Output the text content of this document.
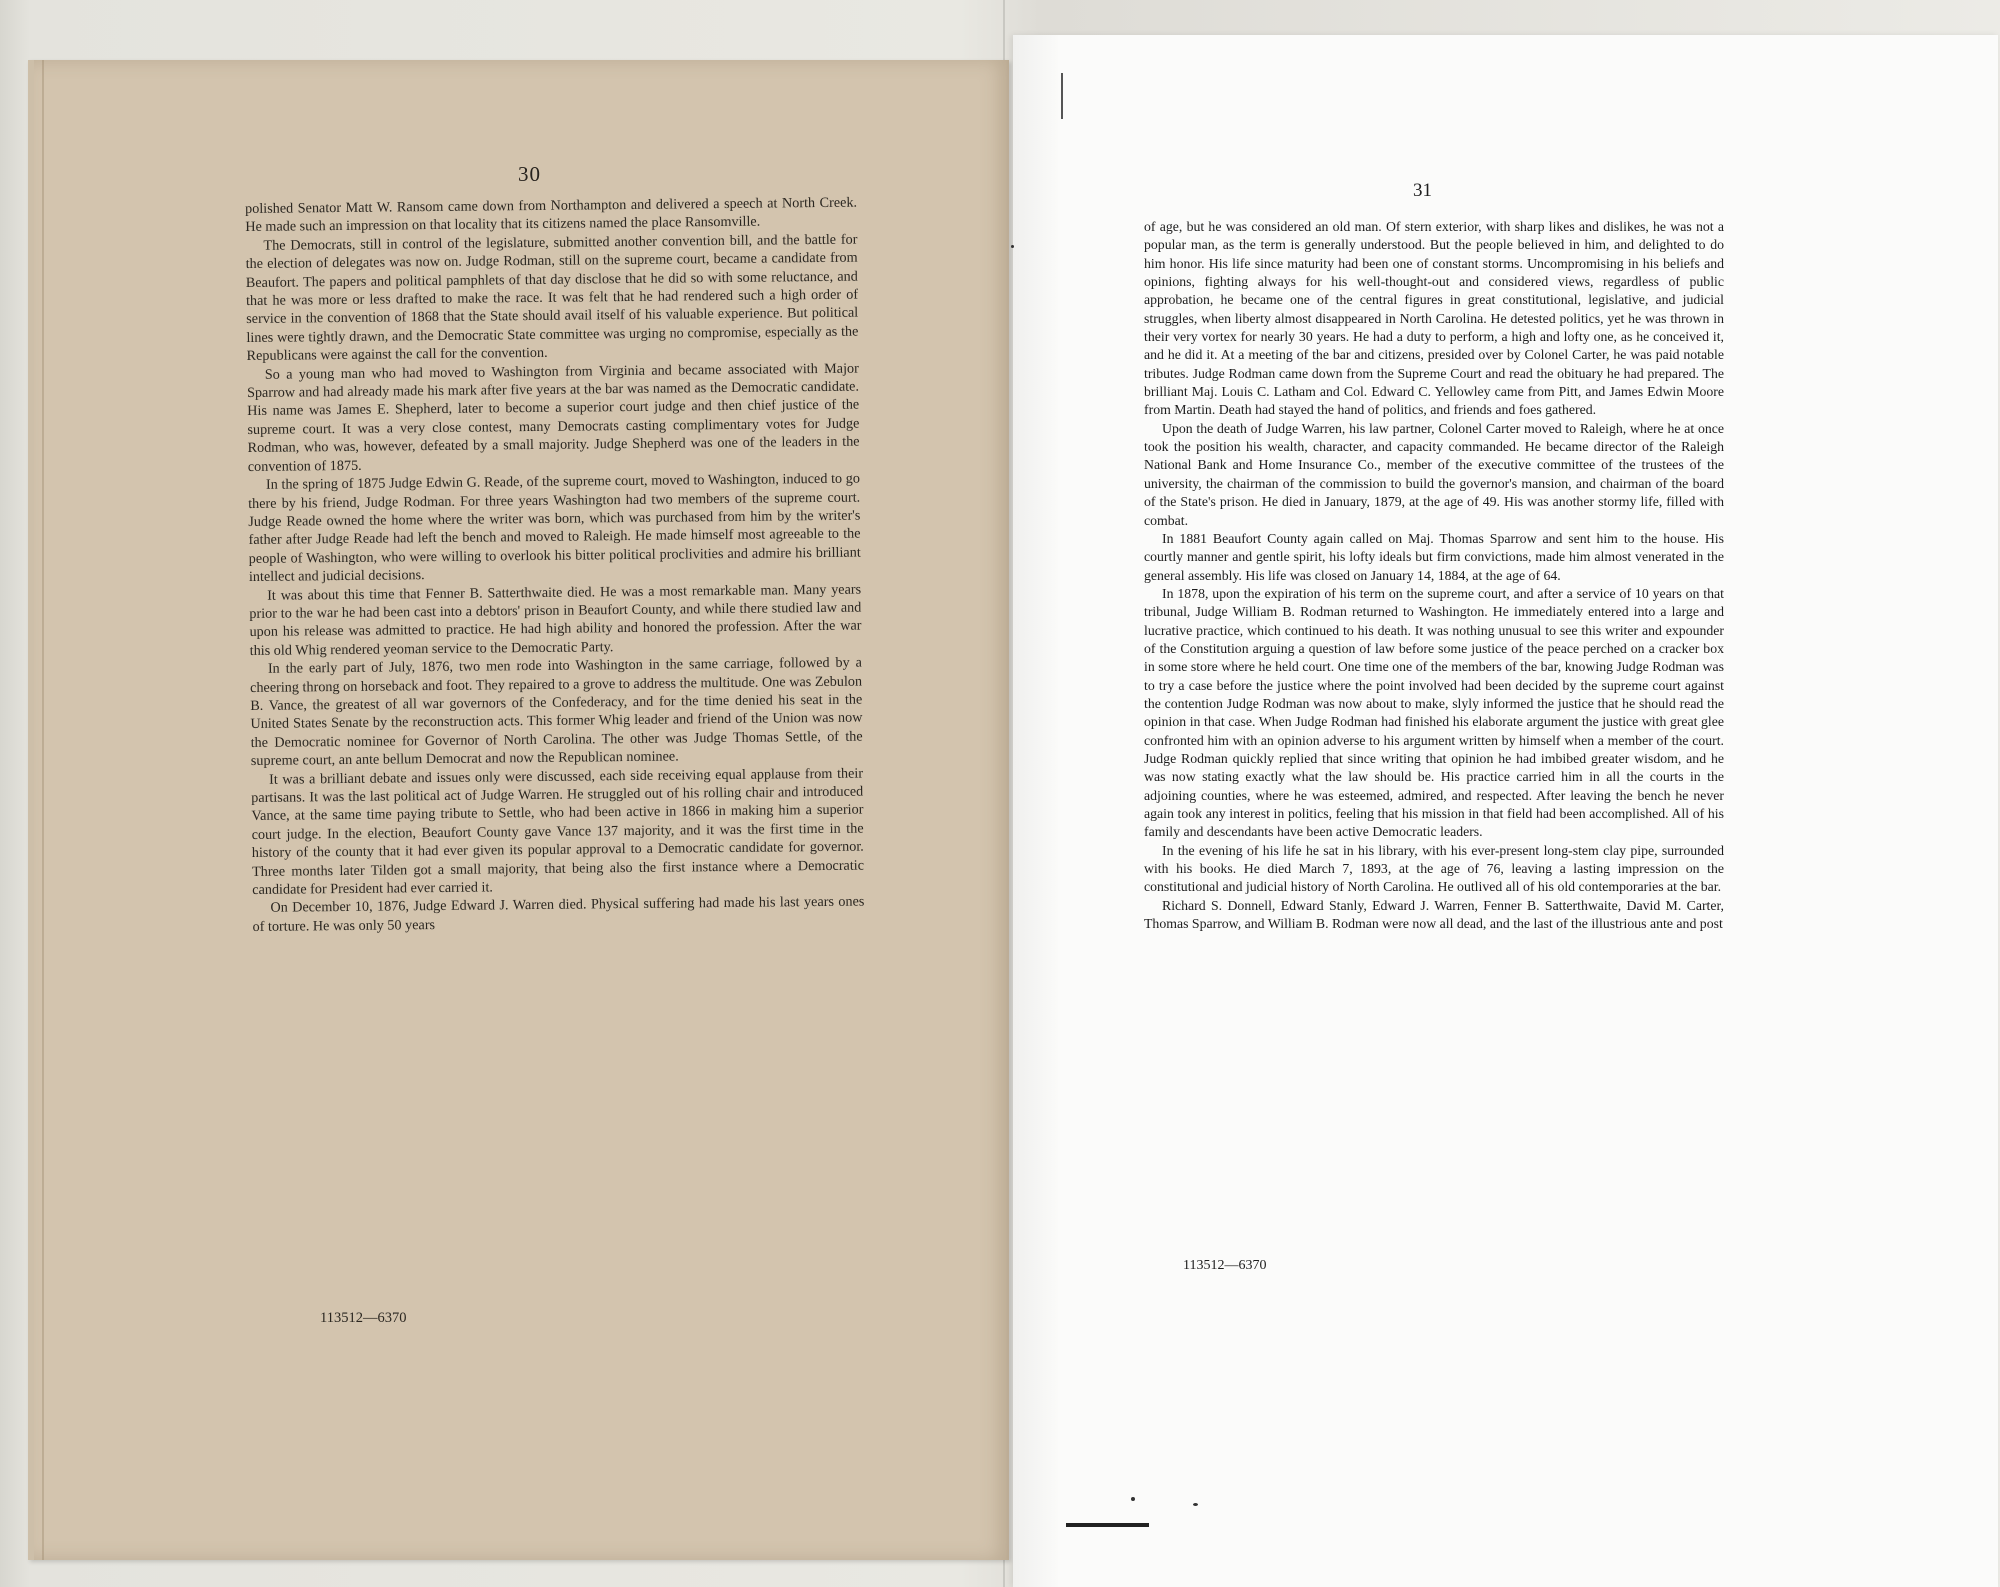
30

polished Senator Matt W. Ransom came down from Northampton and delivered a speech at North Creek. He made such an impression on that locality that its citizens named the place Ransomville.

The Democrats, still in control of the legislature, submitted another convention bill, and the battle for the election of delegates was now on. Judge Rodman, still on the supreme court, became a candidate from Beaufort. The papers and political pamphlets of that day disclose that he did so with some reluctance, and that he was more or less drafted to make the race. It was felt that he had rendered such a high order of service in the convention of 1868 that the State should avail itself of his valuable experience. But political lines were tightly drawn, and the Democratic State committee was urging no compromise, especially as the Republicans were against the call for the convention.

So a young man who had moved to Washington from Virginia and became associated with Major Sparrow and had already made his mark after five years at the bar was named as the Democratic candidate. His name was James E. Shepherd, later to become a superior court judge and then chief justice of the supreme court. It was a very close contest, many Democrats casting complimentary votes for Judge Rodman, who was, however, defeated by a small majority. Judge Shepherd was one of the leaders in the convention of 1875.

In the spring of 1875 Judge Edwin G. Reade, of the supreme court, moved to Washington, induced to go there by his friend, Judge Rodman. For three years Washington had two members of the supreme court. Judge Reade owned the home where the writer was born, which was purchased from him by the writer's father after Judge Reade had left the bench and moved to Raleigh. He made himself most agreeable to the people of Washington, who were willing to overlook his bitter political proclivities and admire his brilliant intellect and judicial decisions.

It was about this time that Fenner B. Satterthwaite died. He was a most remarkable man. Many years prior to the war he had been cast into a debtors' prison in Beaufort County, and while there studied law and upon his release was admitted to practice. He had high ability and honored the profession. After the war this old Whig rendered yeoman service to the Democratic Party.

In the early part of July, 1876, two men rode into Washington in the same carriage, followed by a cheering throng on horseback and foot. They repaired to a grove to address the multitude. One was Zebulon B. Vance, the greatest of all war governors of the Confederacy, and for the time denied his seat in the United States Senate by the reconstruction acts. This former Whig leader and friend of the Union was now the Democratic nominee for Governor of North Carolina. The other was Judge Thomas Settle, of the supreme court, an ante bellum Democrat and now the Republican nominee.

It was a brilliant debate and issues only were discussed, each side receiving equal applause from their partisans. It was the last political act of Judge Warren. He struggled out of his rolling chair and introduced Vance, at the same time paying tribute to Settle, who had been active in 1866 in making him a superior court judge. In the election, Beaufort County gave Vance 137 majority, and it was the first time in the history of the county that it had ever given its popular approval to a Democratic candidate for governor. Three months later Tilden got a small majority, that being also the first instance where a Democratic candidate for President had ever carried it.

On December 10, 1876, Judge Edward J. Warren died. Physical suffering had made his last years ones of torture. He was only 50 years

113512—6370
31

of age, but he was considered an old man. Of stern exterior, with sharp likes and dislikes, he was not a popular man, as the term is generally understood. But the people believed in him, and delighted to do him honor. His life since maturity had been one of constant storms. Uncompromising in his beliefs and opinions, fighting always for his well-thought-out and considered views, regardless of public approbation, he became one of the central figures in great constitutional, legislative, and judicial struggles, when liberty almost disappeared in North Carolina. He detested politics, yet he was thrown in their very vortex for nearly 30 years. He had a duty to perform, a high and lofty one, as he conceived it, and he did it. At a meeting of the bar and citizens, presided over by Colonel Carter, he was paid notable tributes. Judge Rodman came down from the Supreme Court and read the obituary he had prepared. The brilliant Maj. Louis C. Latham and Col. Edward C. Yellowley came from Pitt, and James Edwin Moore from Martin. Death had stayed the hand of politics, and friends and foes gathered.

Upon the death of Judge Warren, his law partner, Colonel Carter moved to Raleigh, where he at once took the position his wealth, character, and capacity commanded. He became director of the Raleigh National Bank and Home Insurance Co., member of the executive committee of the trustees of the university, the chairman of the commission to build the governor's mansion, and chairman of the board of the State's prison. He died in January, 1879, at the age of 49. His was another stormy life, filled with combat.

In 1881 Beaufort County again called on Maj. Thomas Sparrow and sent him to the house. His courtly manner and gentle spirit, his lofty ideals but firm convictions, made him almost venerated in the general assembly. His life was closed on January 14, 1884, at the age of 64.

In 1878, upon the expiration of his term on the supreme court, and after a service of 10 years on that tribunal, Judge William B. Rodman returned to Washington. He immediately entered into a large and lucrative practice, which continued to his death. It was nothing unusual to see this writer and expounder of the Constitution arguing a question of law before some justice of the peace perched on a cracker box in some store where he held court. One time one of the members of the bar, knowing Judge Rodman was to try a case before the justice where the point involved had been decided by the supreme court against the contention Judge Rodman was now about to make, slyly informed the justice that he should read the opinion in that case. When Judge Rodman had finished his elaborate argument the justice with great glee confronted him with an opinion adverse to his argument written by himself when a member of the court. Judge Rodman quickly replied that since writing that opinion he had imbibed greater wisdom, and he was now stating exactly what the law should be. His practice carried him in all the courts in the adjoining counties, where he was esteemed, admired, and respected. After leaving the bench he never again took any interest in politics, feeling that his mission in that field had been accomplished. All of his family and descendants have been active Democratic leaders.

In the evening of his life he sat in his library, with his ever-present long-stem clay pipe, surrounded with his books. He died March 7, 1893, at the age of 76, leaving a lasting impression on the constitutional and judicial history of North Carolina. He outlived all of his old contemporaries at the bar.

Richard S. Donnell, Edward Stanly, Edward J. Warren, Fenner B. Satterthwaite, David M. Carter, Thomas Sparrow, and William B. Rodman were now all dead, and the last of the illustrious ante and post

113512—6370
